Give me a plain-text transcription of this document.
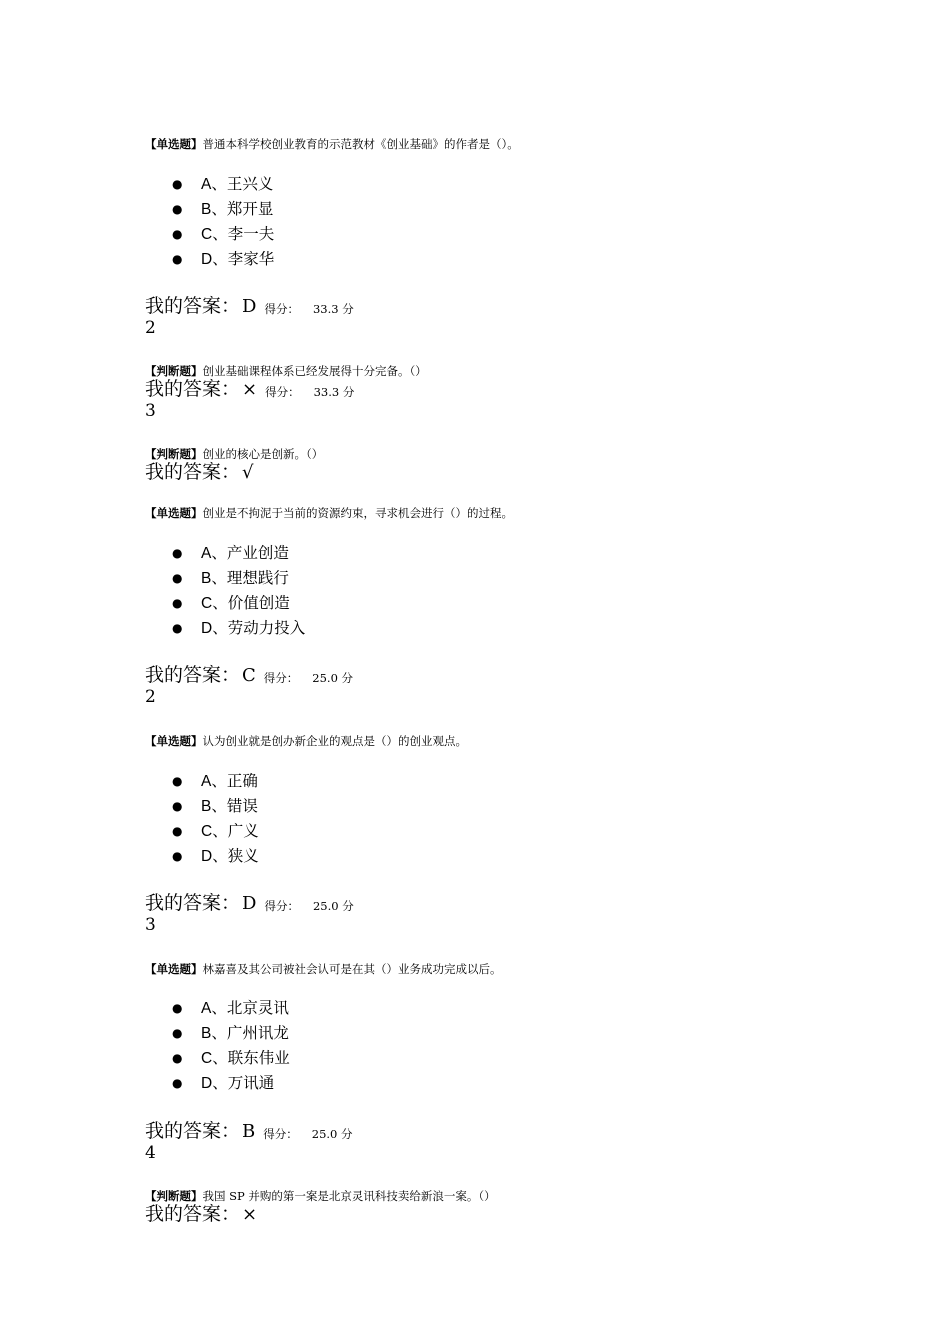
【单选题】普通本科学校创业教育的示范教材《创业基础》的作者是（）。
● A、王兴义
● B、郑开显
● C、李一夫
● D、李家华
我的答案： D 得分： 33.3 分
2
【判断题】创业基础课程体系已经发展得十分完备。（）
我的答案： × 得分： 33.3 分
3
【判断题】创业的核心是创新。（）
我的答案： √
【单选题】创业是不拘泥于当前的资源约束，寻求机会进行（）的过程。
● A、产业创造
● B、理想践行
● C、价值创造
● D、劳动力投入
我的答案： C 得分： 25.0 分
2
【单选题】认为创业就是创办新企业的观点是（）的创业观点。
● A、正确
● B、错误
● C、广义
● D、狭义
我的答案： D 得分： 25.0 分
3
【单选题】林嘉喜及其公司被社会认可是在其（）业务成功完成以后。
● A、北京灵讯
● B、广州讯龙
● C、联东伟业
● D、万讯通
我的答案： B 得分： 25.0 分
4
【判断题】我国 SP 并购的第一案是北京灵讯科技卖给新浪一案。（）
我的答案： ×
